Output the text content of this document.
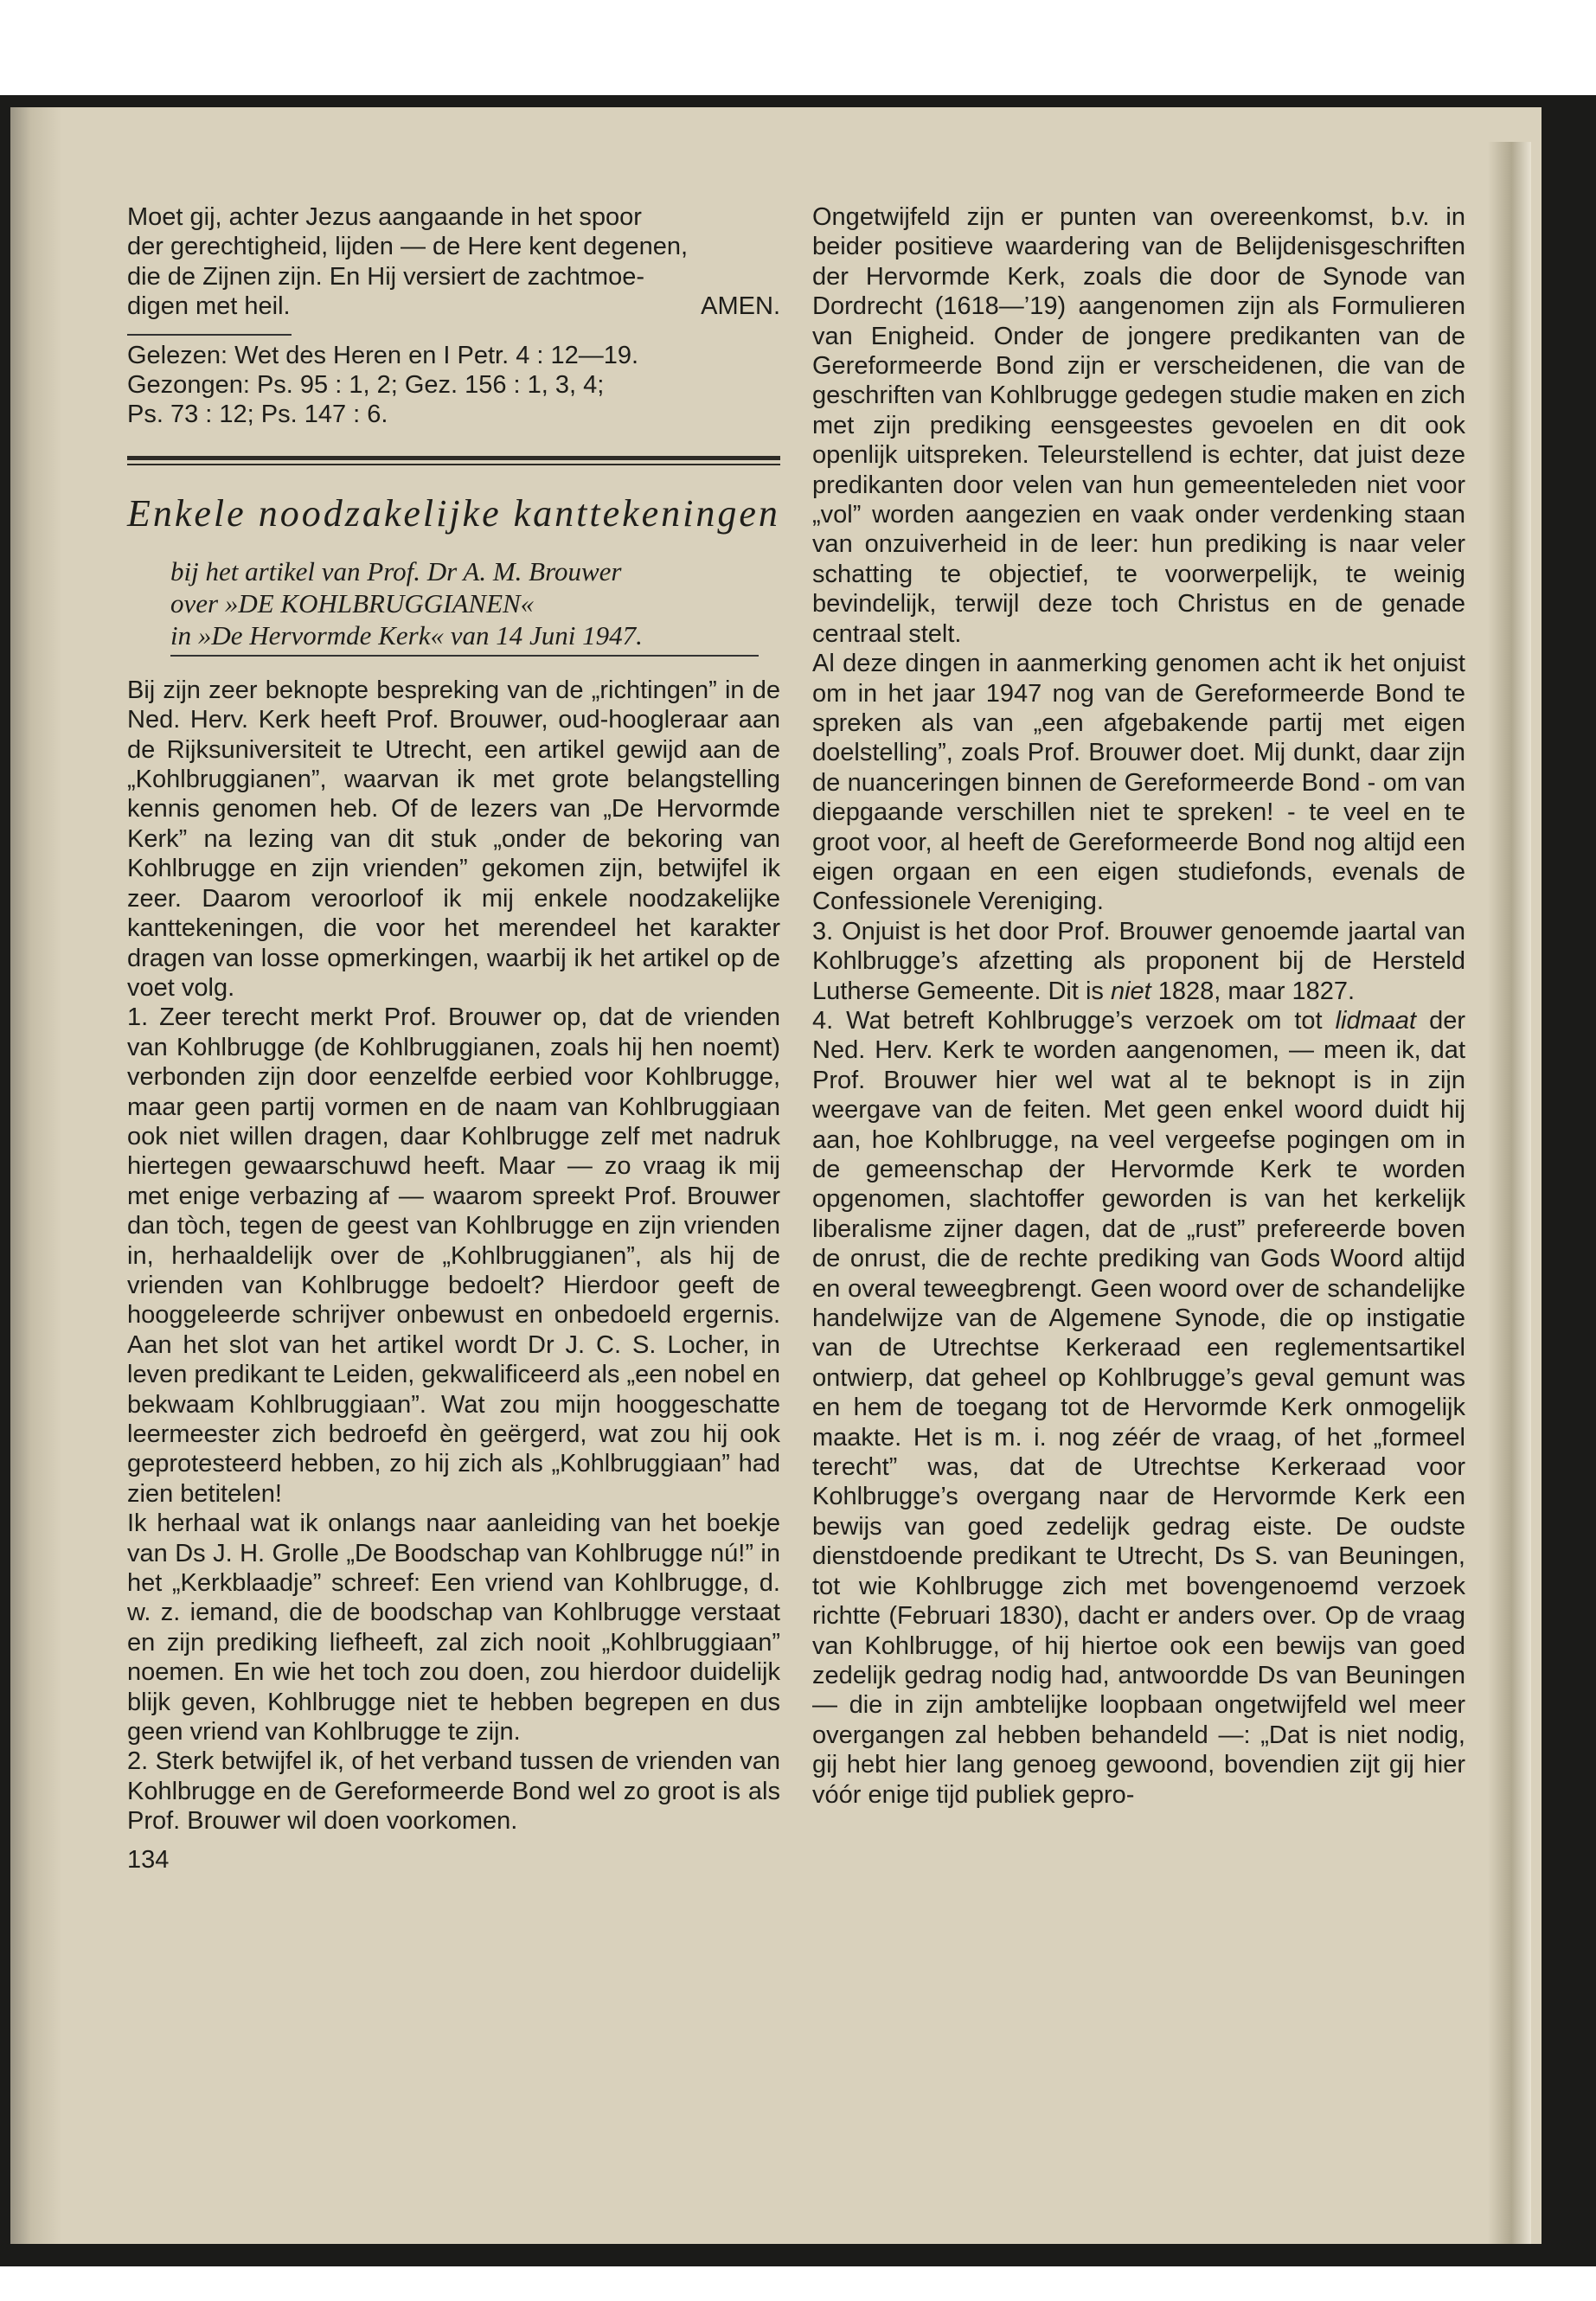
Moet gij, achter Jezus aangaande in het spoor

der gerechtigheid, lijden — de Here kent degenen,

die de Zijnen zijn. En Hij versiert de zachtmoe-

digen met heil.	AMEN.

Gelezen: Wet des Heren en I Petr. 4 : 12—19.

Gezongen: Ps. 95 : 1, 2; Gez. 156 : 1, 3, 4;

Ps. 73 : 12; Ps. 147 : 6.

Enkele noodzakelijke kanttekeningen
bij het artikel van Prof. Dr A. M. Brouwer
over »DE KOHLBRUGGIANEN«
in »De Hervormde Kerk« van 14 Juni 1947.

Bij zijn zeer beknopte bespreking van de „richtingen” in de Ned. Herv. Kerk heeft Prof. Brouwer, oud-hoogleraar aan de Rijksuniversiteit te Utrecht, een artikel gewijd aan de „Kohlbruggianen”, waarvan ik met grote belangstelling kennis genomen heb. Of de lezers van „De Hervormde Kerk” na lezing van dit stuk „onder de bekoring van Kohlbrugge en zijn vrienden” gekomen zijn, betwijfel ik zeer. Daarom veroorloof ik mij enkele noodzakelijke kanttekeningen, die voor het merendeel het karakter dragen van losse opmerkingen, waarbij ik het artikel op de voet volg.

1. Zeer terecht merkt Prof. Brouwer op, dat de vrienden van Kohlbrugge (de Kohlbruggianen, zoals hij hen noemt) verbonden zijn door eenzelfde eerbied voor Kohlbrugge, maar geen partij vormen en de naam van Kohlbruggiaan ook niet willen dragen, daar Kohlbrugge zelf met nadruk hiertegen gewaarschuwd heeft. Maar — zo vraag ik mij met enige verbazing af — waarom spreekt Prof. Brouwer dan tòch, tegen de geest van Kohlbrugge en zijn vrienden in, herhaaldelijk over de „Kohlbruggianen”, als hij de vrienden van Kohlbrugge bedoelt? Hierdoor geeft de hooggeleerde schrijver onbewust en onbedoeld ergernis. Aan het slot van het artikel wordt Dr J. C. S. Locher, in leven predikant te Leiden, gekwalificeerd als „een nobel en bekwaam Kohlbruggiaan”. Wat zou mijn hooggeschatte leermeester zich bedroefd èn geërgerd, wat zou hij ook geprotesteerd hebben, zo hij zich als „Kohlbruggiaan” had zien betitelen!

Ik herhaal wat ik onlangs naar aanleiding van het boekje van Ds J. H. Grolle „De Boodschap van Kohlbrugge nú!” in het „Kerkblaadje” schreef: Een vriend van Kohlbrugge, d. w. z. iemand, die de boodschap van Kohlbrugge verstaat en zijn prediking liefheeft, zal zich nooit „Kohlbruggiaan” noemen. En wie het toch zou doen, zou hierdoor duidelijk blijk geven, Kohlbrugge niet te hebben begrepen en dus geen vriend van Kohlbrugge te zijn.

2. Sterk betwijfel ik, of het verband tussen de vrienden van Kohlbrugge en de Gereformeerde Bond wel zo groot is als Prof. Brouwer wil doen voorkomen.

134

Ongetwijfeld zijn er punten van overeenkomst, b.v. in beider positieve waardering van de Belijdenisgeschriften der Hervormde Kerk, zoals die door de Synode van Dordrecht (1618—’19) aangenomen zijn als Formulieren van Enigheid. Onder de jongere predikanten van de Gereformeerde Bond zijn er verscheidenen, die van de geschriften van Kohlbrugge gedegen studie maken en zich met zijn prediking eensgeestes gevoelen en dit ook openlijk uitspreken. Teleurstellend is echter, dat juist deze predikanten door velen van hun gemeenteleden niet voor „vol” worden aangezien en vaak onder verdenking staan van onzuiverheid in de leer: hun prediking is naar veler schatting te objectief, te voorwerpelijk, te weinig bevindelijk, terwijl deze toch Christus en de genade centraal stelt.

Al deze dingen in aanmerking genomen acht ik het onjuist om in het jaar 1947 nog van de Gereformeerde Bond te spreken als van „een afgebakende partij met eigen doelstelling”, zoals Prof. Brouwer doet. Mij dunkt, daar zijn de nuanceringen binnen de Gereformeerde Bond - om van diepgaande verschillen niet te spreken! - te veel en te groot voor, al heeft de Gereformeerde Bond nog altijd een eigen orgaan en een eigen studiefonds, evenals de Confessionele Vereniging.

3. Onjuist is het door Prof. Brouwer genoemde jaartal van Kohlbrugge’s afzetting als proponent bij de Hersteld Lutherse Gemeente. Dit is niet 1828, maar 1827.

4. Wat betreft Kohlbrugge’s verzoek om tot lidmaat der Ned. Herv. Kerk te worden aangenomen, — meen ik, dat Prof. Brouwer hier wel wat al te beknopt is in zijn weergave van de feiten. Met geen enkel woord duidt hij aan, hoe Kohlbrugge, na veel vergeefse pogingen om in de gemeenschap der Hervormde Kerk te worden opgenomen, slachtoffer geworden is van het kerkelijk liberalisme zijner dagen, dat de „rust” prefereerde boven de onrust, die de rechte prediking van Gods Woord altijd en overal teweegbrengt. Geen woord over de schandelijke handelwijze van de Algemene Synode, die op instigatie van de Utrechtse Kerkeraad een reglementsartikel ontwierp, dat geheel op Kohlbrugge’s geval gemunt was en hem de toegang tot de Hervormde Kerk onmogelijk maakte. Het is m. i. nog zéér de vraag, of het „formeel terecht” was, dat de Utrechtse Kerkeraad voor Kohlbrugge’s overgang naar de Hervormde Kerk een bewijs van goed zedelijk gedrag eiste. De oudste dienstdoende predikant te Utrecht, Ds S. van Beuningen, tot wie Kohlbrugge zich met bovengenoemd verzoek richtte (Februari 1830), dacht er anders over. Op de vraag van Kohlbrugge, of hij hiertoe ook een bewijs van goed zedelijk gedrag nodig had, antwoordde Ds van Beuningen — die in zijn ambtelijke loopbaan ongetwijfeld wel meer overgangen zal hebben behandeld —: „Dat is niet nodig, gij hebt hier lang genoeg gewoond, bovendien zijt gij hier vóór enige tijd publiek gepro-
